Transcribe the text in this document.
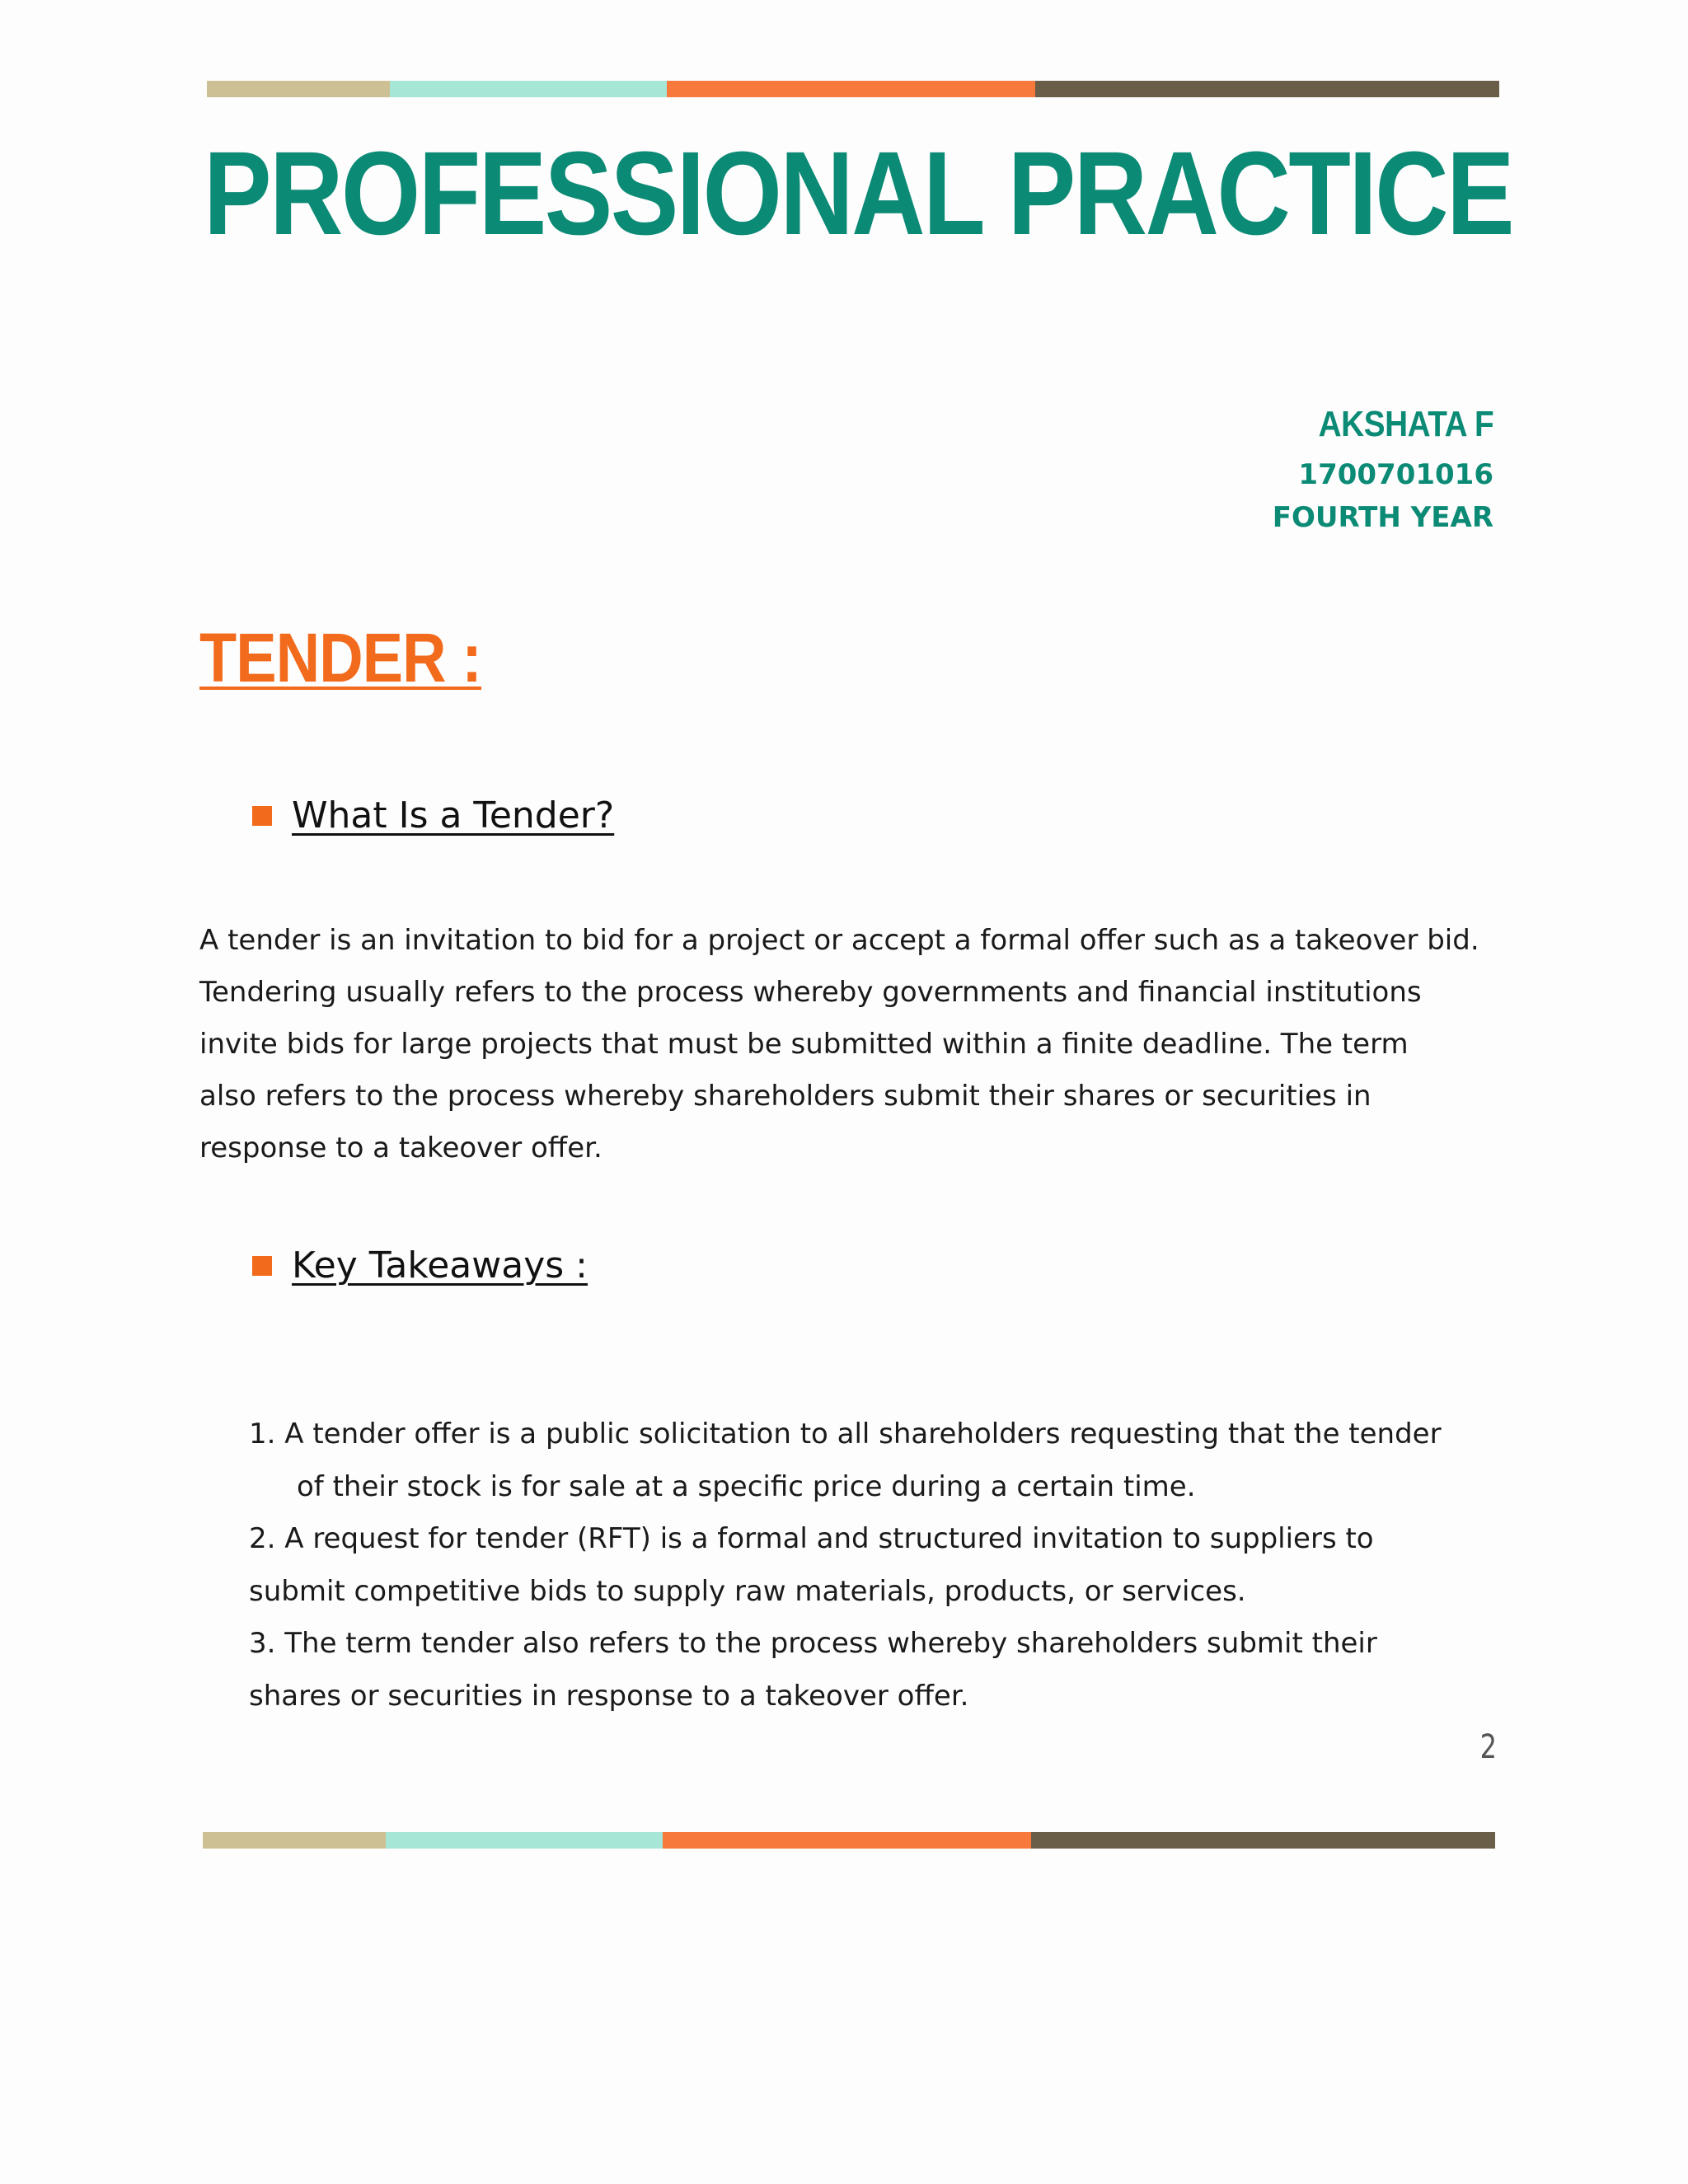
PROFESSIONAL PRACTICE
AKSHATA F
1700701016
FOURTH YEAR
TENDER :
What Is a Tender?
A tender is an invitation to bid for a project or accept a formal offer such as a takeover bid.
Tendering usually refers to the process whereby governments and financial institutions
invite bids for large projects that must be submitted within a finite deadline. The term
also refers to the process whereby shareholders submit their shares or securities in
response to a takeover offer.
Key Takeaways :
1. A tender offer is a public solicitation to all shareholders requesting that the tender
of their stock is for sale at a specific price during a certain time.
2. A request for tender (RFT) is a formal and structured invitation to suppliers to
submit competitive bids to supply raw materials, products, or services.
3. The term tender also refers to the process whereby shareholders submit their
shares or securities in response to a takeover offer.
2
